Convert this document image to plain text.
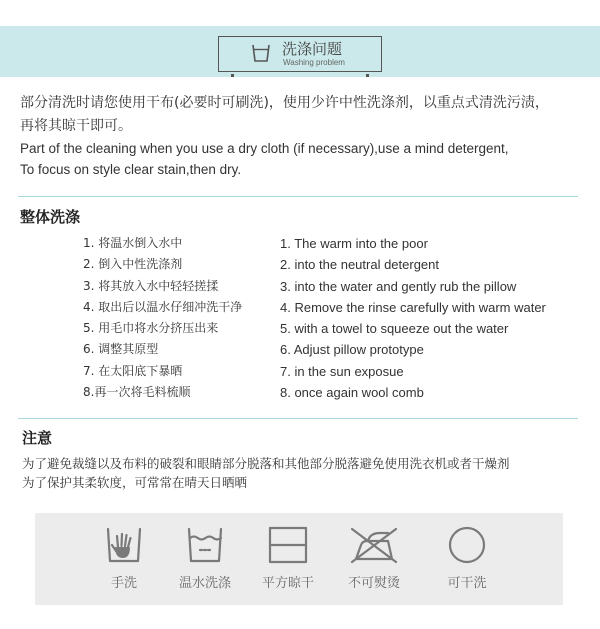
洗涤问题
Washing problem
部分清洗时请您使用干布(必要时可刷洗)，使用少许中性洗涤剂，以重点式清洗污渍，
再将其晾干即可。
Part of the cleaning when you use a dry cloth (if necessary),use a mind detergent,
To focus on style clear stain,then dry.
整体洗涤
1. 将温水倒入水中	1. The warm into the poor
2. 倒入中性洗涤剂	2. into the neutral detergent
3. 将其放入水中轻轻搓揉	3. into the water and gently rub the pillow
4. 取出后以温水仔细冲洗干净	4. Remove the rinse carefully with warm water
5. 用毛巾将水分挤压出来	5. with a towel to squeeze out the water
6. 调整其原型	6. Adjust pillow prototype
7. 在太阳底下暴晒	7. in the sun exposue
8.再一次将毛料梳顺	8. once again wool comb
注意
为了避免裁缝以及布料的破裂和眼睛部分脱落和其他部分脱落避免使用洗衣机或者干燥剂
为了保护其柔软度，可常常在晴天日晒晒
手洗	温水洗涤	平方晾干	不可熨烫	可干洗
